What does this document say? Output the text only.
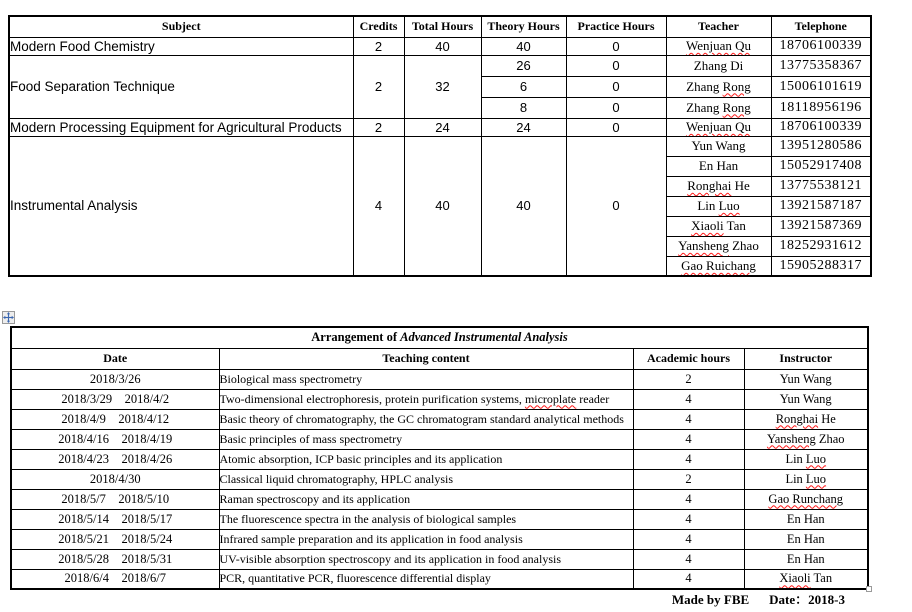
Subject	Credits	Total Hours	Theory Hours	Practice Hours	Teacher	Telephone
Modern Food Chemistry	2	40	40	0	Wenjuan Qu	18706100339
Food Separation Technique	2	32	26	0	Zhang Di	13775358367
			6	0	Zhang Rong	15006101619
			8	0	Zhang Rong	18118956196
Modern Processing Equipment for Agricultural Products	2	24	24	0	Wenjuan Qu	18706100339
Instrumental Analysis	4	40	40	0	Yun Wang	13951280586
					En Han	15052917408
					Ronghai He	13775538121
					Lin Luo	13921587187
					Xiaoli Tan	13921587369
					Yansheng Zhao	18252931612
					Gao Ruichang	15905288317
Arrangement of Advanced Instrumental Analysis			
Date	Teaching content	Academic hours	Instructor
2018/3/26	Biological mass spectrometry	2	Yun Wang
2018/3/29    2018/4/2	Two-dimensional electrophoresis, protein purification systems, microplate reader	4	Yun Wang
2018/4/9    2018/4/12	Basic theory of chromatography, the GC chromatogram standard analytical methods	4	Ronghai He
2018/4/16    2018/4/19	Basic principles of mass spectrometry	4	Yansheng Zhao
2018/4/23    2018/4/26	Atomic absorption, ICP basic principles and its application	4	Lin Luo
2018/4/30	Classical liquid chromatography, HPLC analysis	2	Lin Luo
2018/5/7    2018/5/10	Raman spectroscopy and its application	4	Gao Runchang
2018/5/14    2018/5/17	The fluorescence spectra in the analysis of biological samples	4	En Han
2018/5/21    2018/5/24	Infrared sample preparation and its application in food analysis	4	En Han
2018/5/28    2018/5/31	UV-visible absorption spectroscopy and its application in food analysis	4	En Han
2018/6/4    2018/6/7	PCR, quantitative PCR, fluorescence differential display	4	Xiaoli Tan
Made by FBE Date：2018-3
